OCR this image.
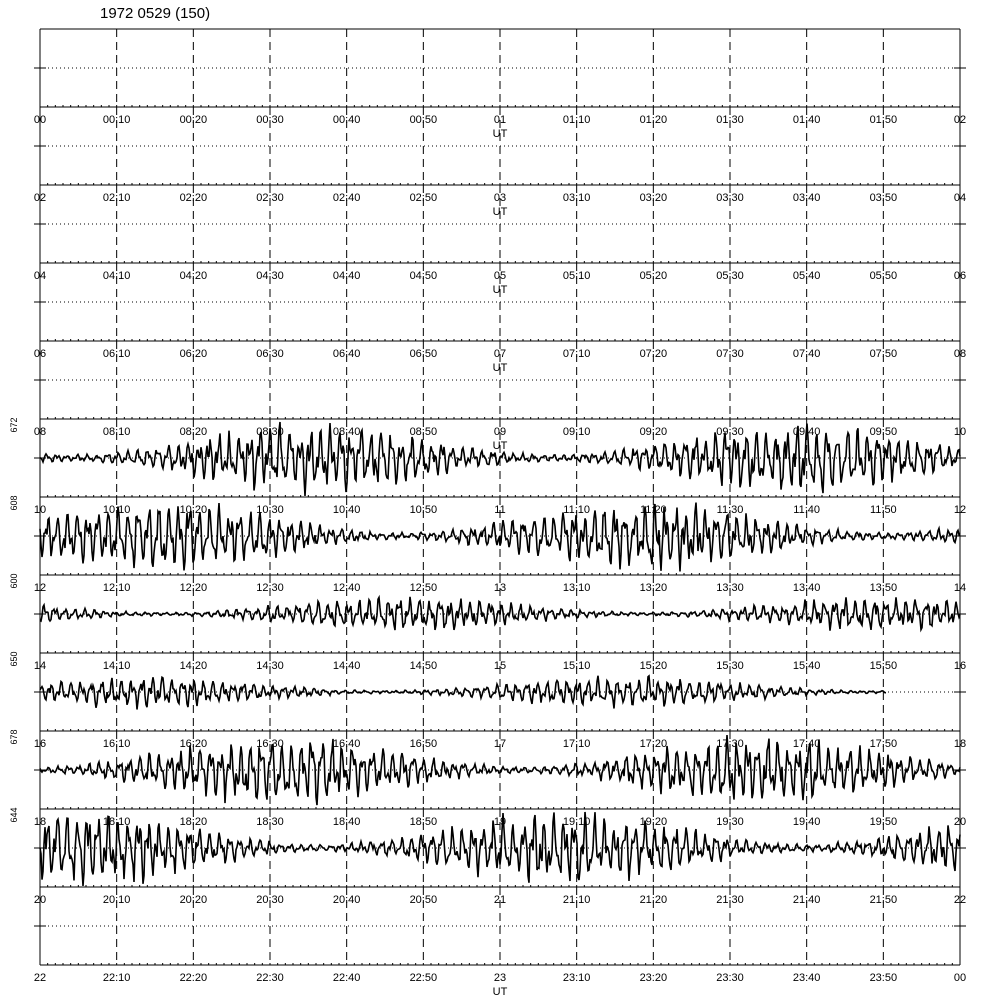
1972 0529 (150)
00	00:10	00:20	00:30	00:40	00:50	01	01:10	01:20	01:30	01:40	01:50	02
UT
02	02:10	02:20	02:30	02:40	02:50	03	03:10	03:20	03:30	03:40	03:50	04
UT
04	04:10	04:20	04:30	04:40	04:50	05	05:10	05:20	05:30	05:40	05:50	06
UT
06	06:10	06:20	06:30	06:40	06:50	07	07:10	07:20	07:30	07:40	07:50	08
UT
08	08:10	08:20	08:30	08:40	08:50	09	09:10	09:20	09:30	09:40	09:50	10
UT
10	10:10	10:20	10:30	10:40	10:50	11	11:10	11:20	11:30	11:40	11:50	12
672
12	12:10	12:20	12:30	12:40	12:50	13	13:10	13:20	13:30	13:40	13:50	14
608
14	14:10	14:20	14:30	14:40	14:50	15	15:10	15:20	15:30	15:40	15:50	16
600
16	16:10	16:20	16:30	16:40	16:50	17	17:10	17:20	17:30	17:40	17:50	18
650
18	18:10	18:20	18:30	18:40	18:50	19	19:10	19:20	19:30	19:40	19:50	20
678
20	20:10	20:20	20:30	20:40	20:50	21	21:10	21:20	21:30	21:40	21:50	22
644
22	22:10	22:20	22:30	22:40	22:50	23	23:10	23:20	23:30	23:40	23:50	00
UT
